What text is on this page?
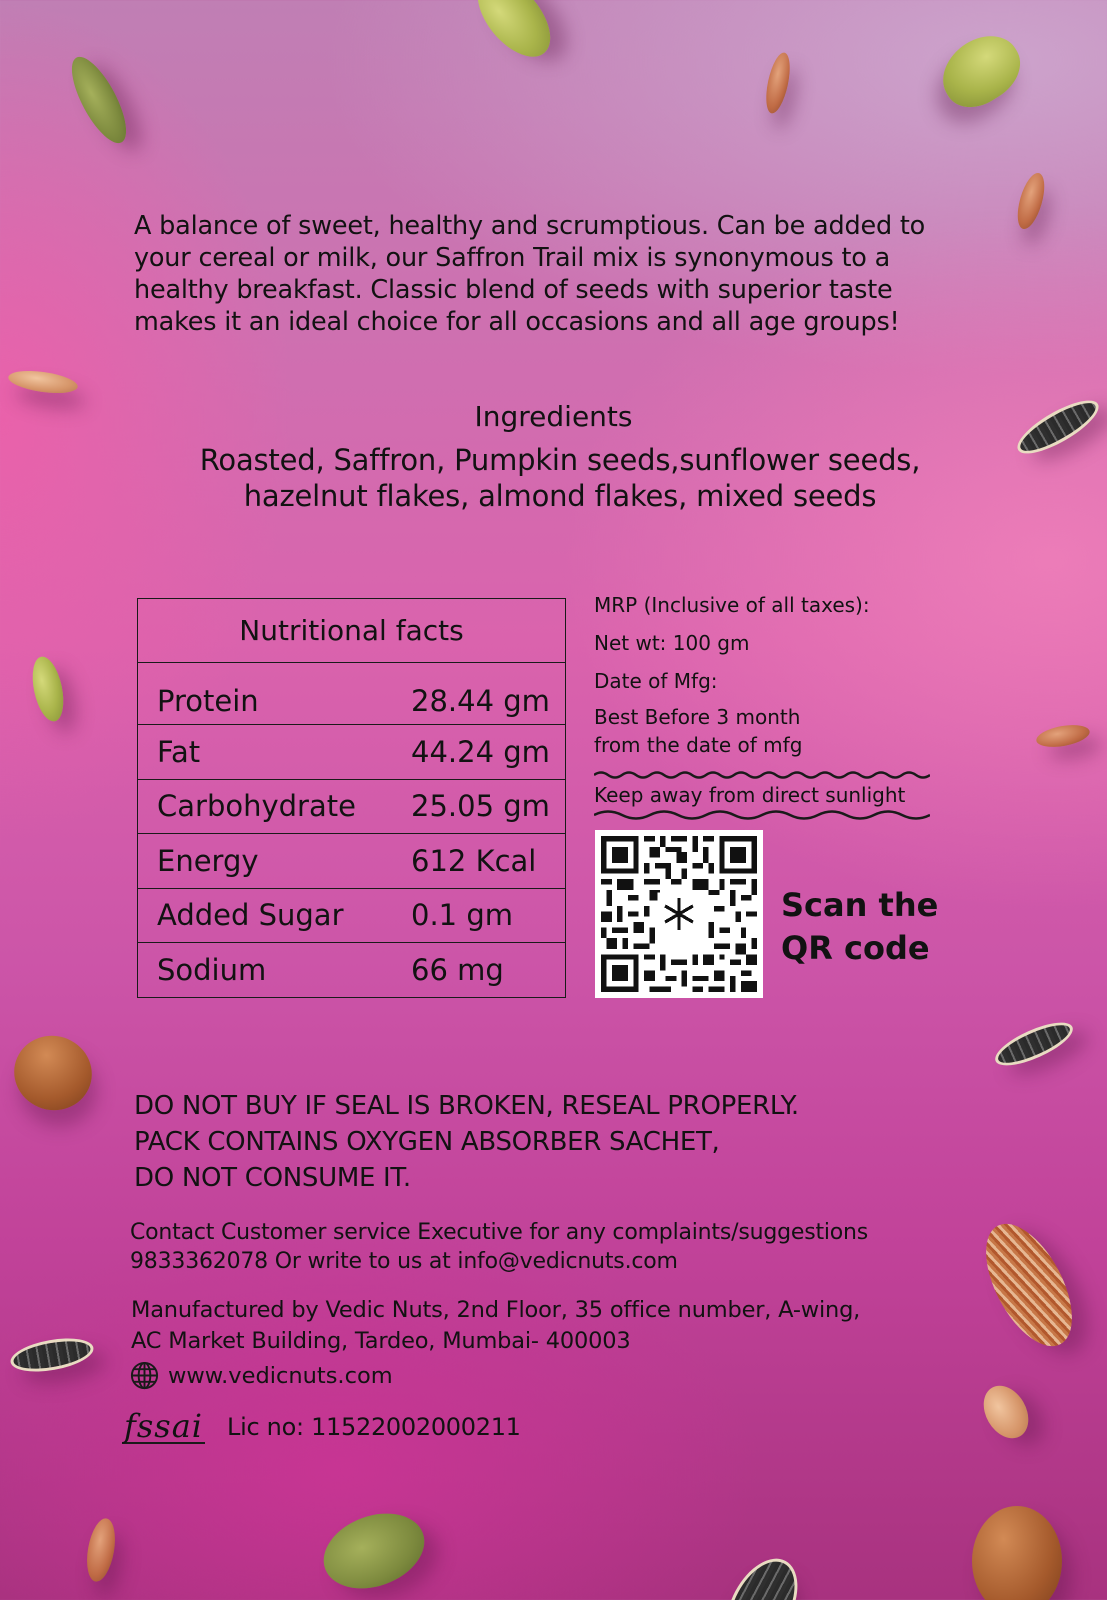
A balance of sweet, healthy and scrumptious. Can be added to your cereal or milk, our Saffron Trail mix is synonymous to a healthy breakfast. Classic blend of seeds with superior taste makes it an ideal choice for all occasions and all age groups!

Ingredients
Roasted, Saffron, Pumpkin seeds,sunflower seeds,
hazelnut flakes, almond flakes, mixed seeds
Nutritional facts
Protein	28.44 gm
Fat	44.24 gm
Carbohydrate	25.05 gm
Energy	612 Kcal
Added Sugar	0.1 gm
Sodium	66 mg
MRP (Inclusive of all taxes):
Net wt: 100 gm
Date of Mfg:
Best Before 3 month
from the date of mfg
Keep away from direct sunlight
Scan the
QR code
DO NOT BUY IF SEAL IS BROKEN, RESEAL PROPERLY.
PACK CONTAINS OXYGEN ABSORBER SACHET,
DO NOT CONSUME IT.
Contact Customer service Executive for any complaints/suggestions
9833362078 Or write to us at info@vedicnuts.com
Manufactured by Vedic Nuts, 2nd Floor, 35 office number, A-wing,
AC Market Building, Tardeo, Mumbai- 400003
www.vedicnuts.com
fssai Lic no: 11522002000211
